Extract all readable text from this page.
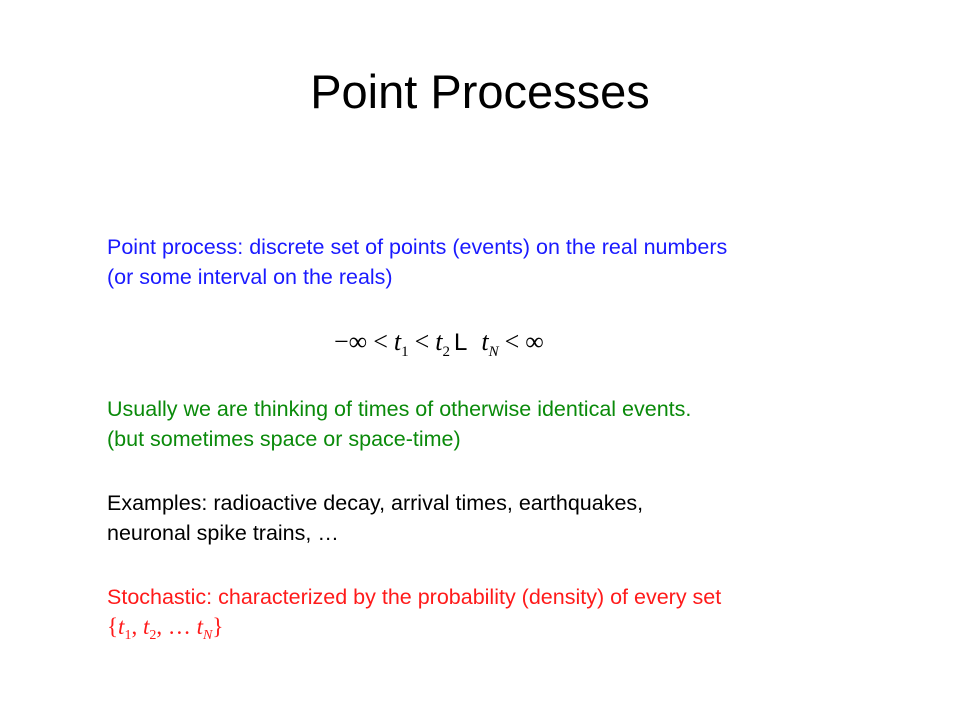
Point Processes
Point process: discrete set of points (events) on the real numbers
(or some interval on the reals)
−∞ < $t_1 < t_2$ L $t_N$ < ∞
Usually we are thinking of times of otherwise identical events.
(but sometimes space or space-time)
Examples: radioactive decay, arrival times, earthquakes,
neuronal spike trains, …
Stochastic: characterized by the probability (density) of every set
{$t_1$, $t_2$, … $t_N$}
